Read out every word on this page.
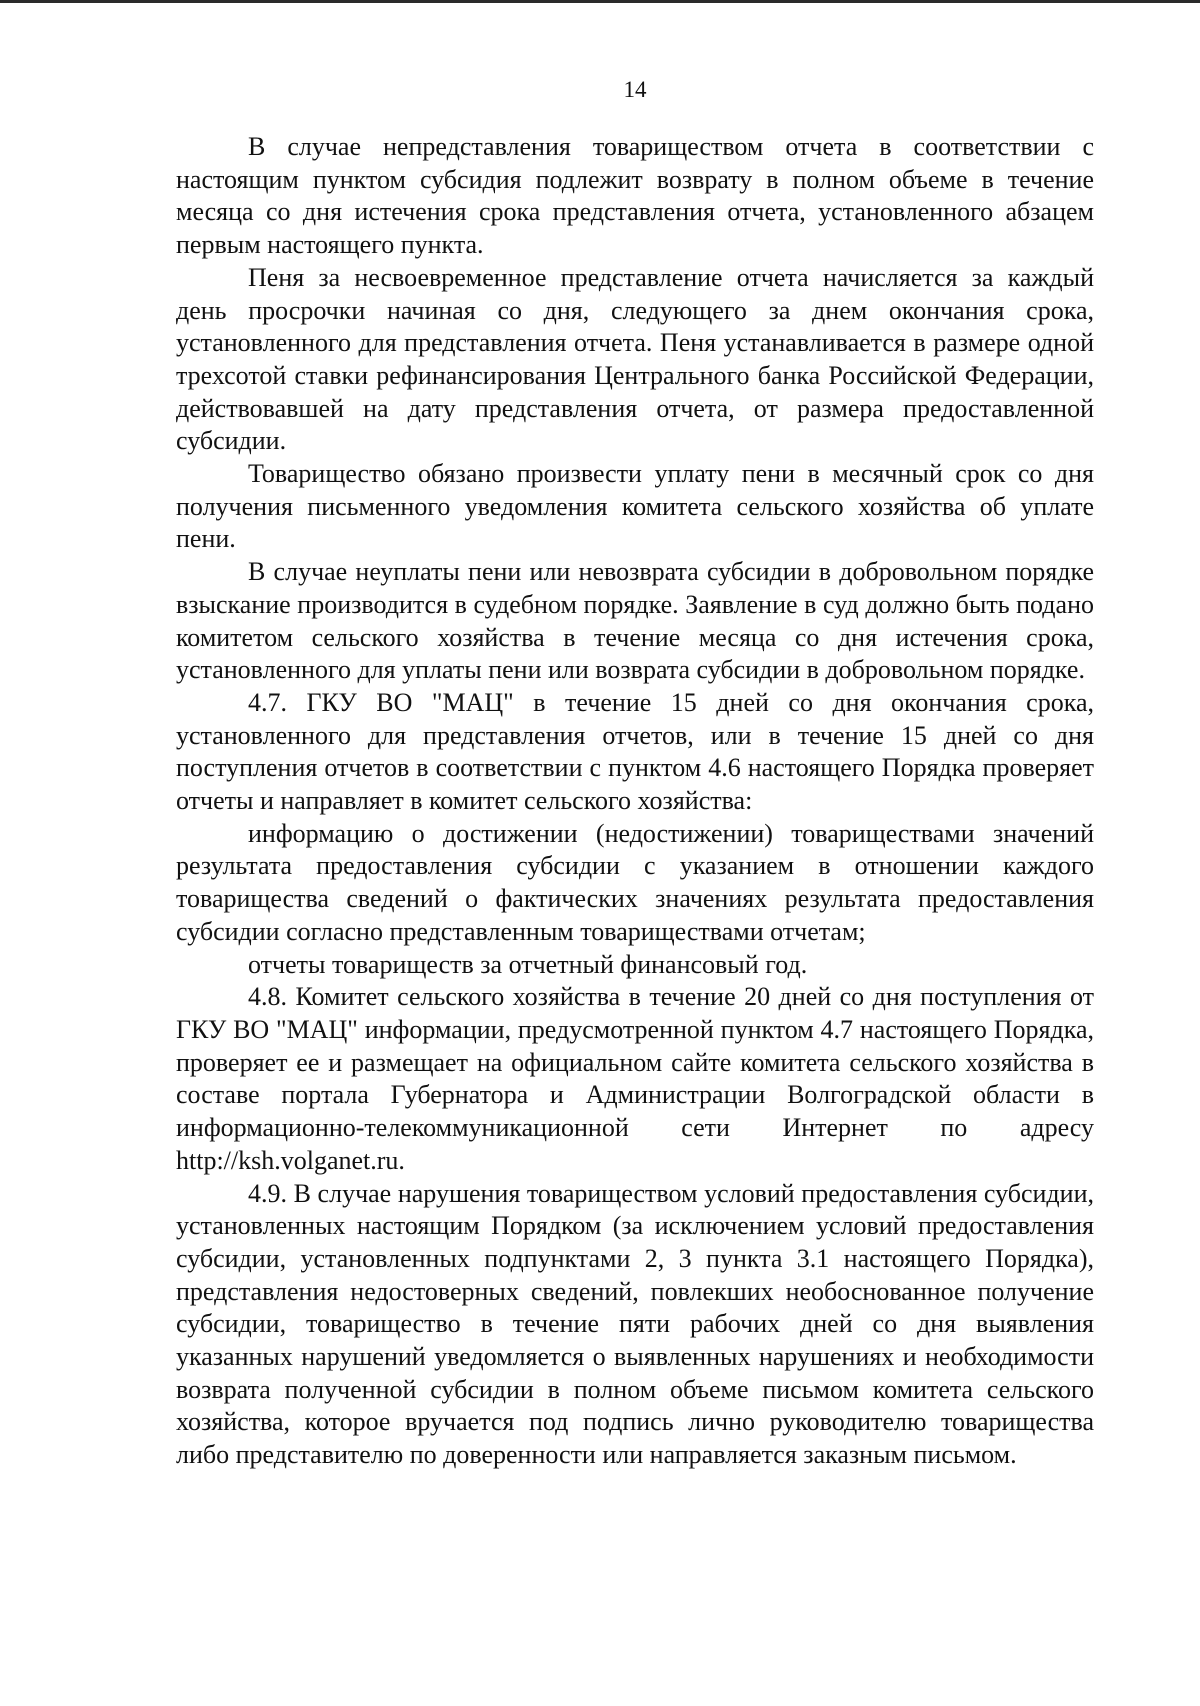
14

В случае непредставления товариществом отчета в соответствии с настоящим пунктом субсидия подлежит возврату в полном объеме в течение месяца со дня истечения срока представления отчета, установленного абзацем первым настоящего пункта.

Пеня за несвоевременное представление отчета начисляется за каждый день просрочки начиная со дня, следующего за днем окончания срока, установленного для представления отчета. Пеня устанавливается в размере одной трехсотой ставки рефинансирования Центрального банка Российской Федерации, действовавшей на дату представления отчета, от размера предоставленной субсидии.

Товарищество обязано произвести уплату пени в месячный срок со дня получения письменного уведомления комитета сельского хозяйства об уплате пени.

В случае неуплаты пени или невозврата субсидии в добровольном порядке взыскание производится в судебном порядке. Заявление в суд должно быть подано комитетом сельского хозяйства в течение месяца со дня истечения срока, установленного для уплаты пени или возврата субсидии в добровольном порядке.

4.7. ГКУ ВО "МАЦ" в течение 15 дней со дня окончания срока, установленного для представления отчетов, или в течение 15 дней со дня поступления отчетов в соответствии с пунктом 4.6 настоящего Порядка проверяет отчеты и направляет в комитет сельского хозяйства:

информацию о достижении (недостижении) товариществами значений результата предоставления субсидии с указанием в отношении каждого товарищества сведений о фактических значениях результата предоставления субсидии согласно представленным товариществами отчетам;

отчеты товариществ за отчетный финансовый год.

4.8. Комитет сельского хозяйства в течение 20 дней со дня поступления от ГКУ ВО "МАЦ" информации, предусмотренной пунктом 4.7 настоящего Порядка, проверяет ее и размещает на официальном сайте комитета сельского хозяйства в составе портала Губернатора и Администрации Волгоградской области в информационно-телекоммуникационной сети Интернет по адресу http://ksh.volganet.ru.

4.9. В случае нарушения товариществом условий предоставления субсидии, установленных настоящим Порядком (за исключением условий предоставления субсидии, установленных подпунктами 2, 3 пункта 3.1 настоящего Порядка), представления недостоверных сведений, повлекших необоснованное получение субсидии, товарищество в течение пяти рабочих дней со дня выявления указанных нарушений уведомляется о выявленных нарушениях и необходимости возврата полученной субсидии в полном объеме письмом комитета сельского хозяйства, которое вручается под подпись лично руководителю товарищества либо представителю по доверенности или направляется заказным письмом.
